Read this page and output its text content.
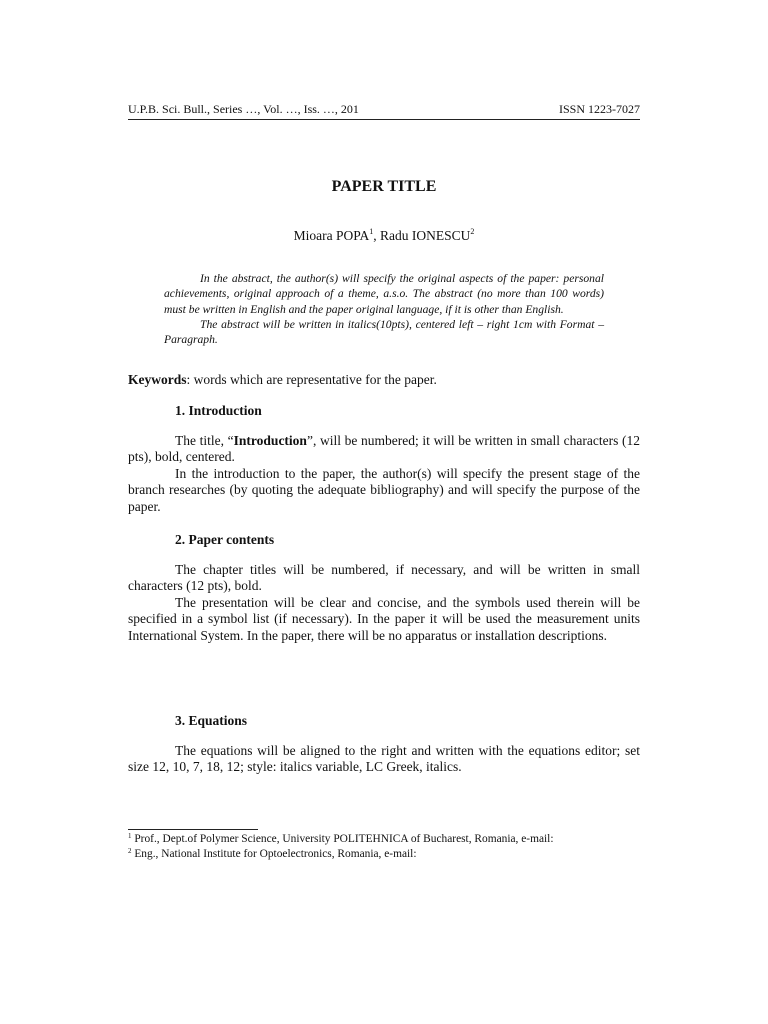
U.P.B. Sci. Bull., Series …, Vol. …, Iss. …, 201	ISSN 1223-7027
PAPER TITLE
Mioara POPA$^1$, Radu IONESCU$^2$

In the abstract, the author(s) will specify the original aspects of the paper: personal achievements, original approach of a theme, a.s.o. The abstract (no more than 100 words) must be written in English and the paper original language, if it is other than English.

The abstract will be written in italics(10pts), centered left – right 1cm with Format – Paragraph.

Keywords: words which are representative for the paper.
1. Introduction

The title, “Introduction”, will be numbered; it will be written in small characters (12 pts), bold, centered.

In the introduction to the paper, the author(s) will specify the present stage of the branch researches (by quoting the adequate bibliography) and will specify the purpose of the paper.

2. Paper contents

The chapter titles will be numbered, if necessary, and will be written in small characters (12 pts), bold.

The presentation will be clear and concise, and the symbols used therein will be specified in a symbol list (if necessary). In the paper it will be used the measurement units International System. In the paper, there will be no apparatus or installation descriptions.

3. Equations

The equations will be aligned to the right and written with the equations editor; set size 12, 10, 7, 18, 12; style: italics variable, LC Greek, italics.

$^1$ Prof., Dept.of Polymer Science, University POLITEHNICA of Bucharest, Romania, e-mail:
$^2$ Eng., National Institute for Optoelectronics, Romania, e-mail:
